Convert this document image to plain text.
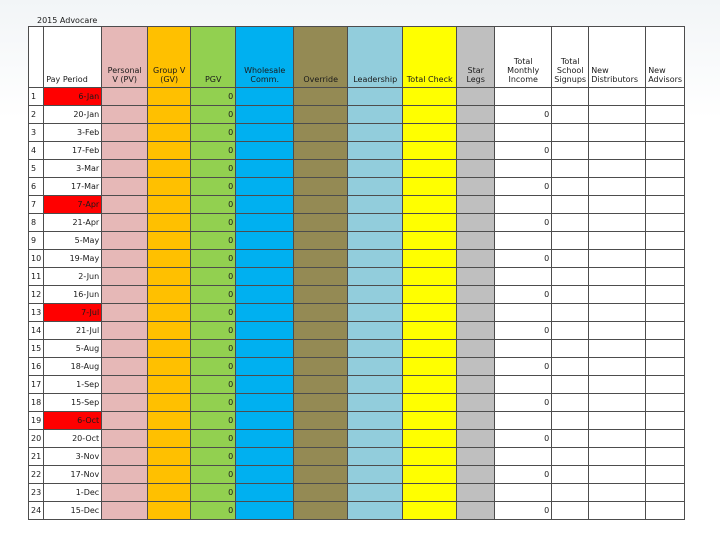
2015 Advocare
	Pay Period	Personal V (PV)	Group V (GV)	PGV	Wholesale Comm.	Override	Leadership	Total Check	Star Legs	Total Monthly Income	Total School Signups	New Distributors	New Advisors
1	6-Jan			0									
2	20-Jan			0						0			
3	3-Feb			0									
4	17-Feb			0						0			
5	3-Mar			0									
6	17-Mar			0						0			
7	7-Apr			0									
8	21-Apr			0						0			
9	5-May			0									
10	19-May			0						0			
11	2-Jun			0									
12	16-Jun			0						0			
13	7-Jul			0									
14	21-Jul			0						0			
15	5-Aug			0									
16	18-Aug			0						0			
17	1-Sep			0									
18	15-Sep			0						0			
19	6-Oct			0									
20	20-Oct			0						0			
21	3-Nov			0									
22	17-Nov			0						0			
23	1-Dec			0									
24	15-Dec			0						0			
